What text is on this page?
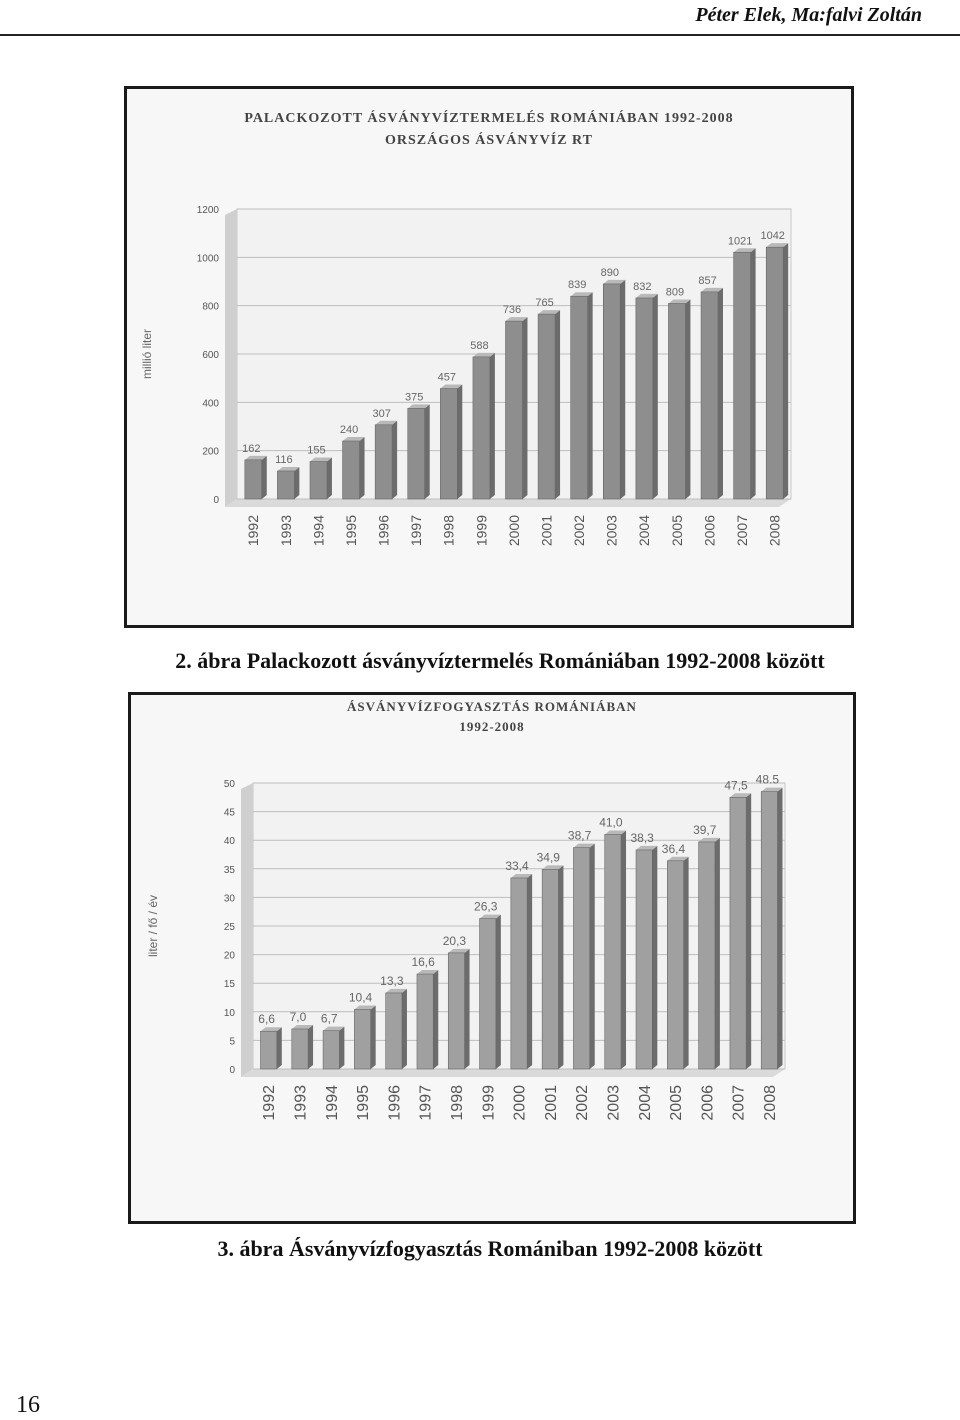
Péter Elek, Ma:falvi Zoltán
PALACKOZOTT ÁSVÁNYVÍZTERMELÉS ROMÁNIÁBAN 1992-2008
ORSZÁGOS ÁSVÁNYVÍZ RT
0
200
400
600
800
1000
1200
millió liter
162
1992
116
1993
155
1994
240
1995
307
1996
375
1997
457
1998
588
1999
736
2000
765
2001
839
2002
890
2003
832
2004
809
2005
857
2006
1021
2007
1042
2008
2. ábra Palackozott ásványvíztermelés Romániában 1992-2008 között
ÁSVÁNYVÍZFOGYASZTÁS ROMÁNIÁBAN
1992-2008
0
5
10
15
20
25
30
35
40
45
50
liter / fő / év
6,6
1992
7,0
1993
6,7
1994
10,4
1995
13,3
1996
16,6
1997
20,3
1998
26,3
1999
33,4
2000
34,9
2001
38,7
2002
41,0
2003
38,3
2004
36,4
2005
39,7
2006
47,5
2007
48.5
2008
3. ábra Ásványvízfogyasztás Romániban 1992-2008 között
16
